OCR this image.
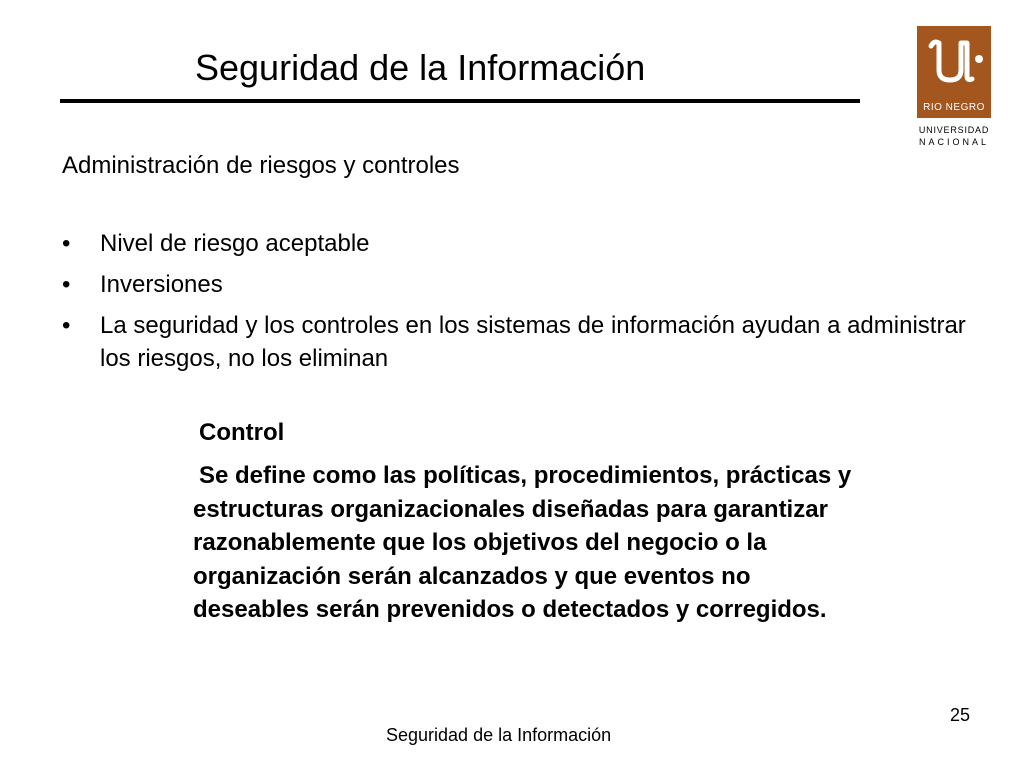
Seguridad de la Información
RIO NEGRO
UNIVERSIDAD
NACIONAL
Administración de riesgos y controles
•	Nivel de riesgo aceptable
•	Inversiones
•	La seguridad y los controles en los sistemas de información ayudan a administrar los riesgos, no los eliminan
Control

Se define como las políticas, procedimientos, prácticas y estructuras organizacionales diseñadas para garantizar razonablemente que los objetivos del negocio o la organización serán alcanzados y que eventos no deseables serán prevenidos o detectados y corregidos.

25
Seguridad de la Información
